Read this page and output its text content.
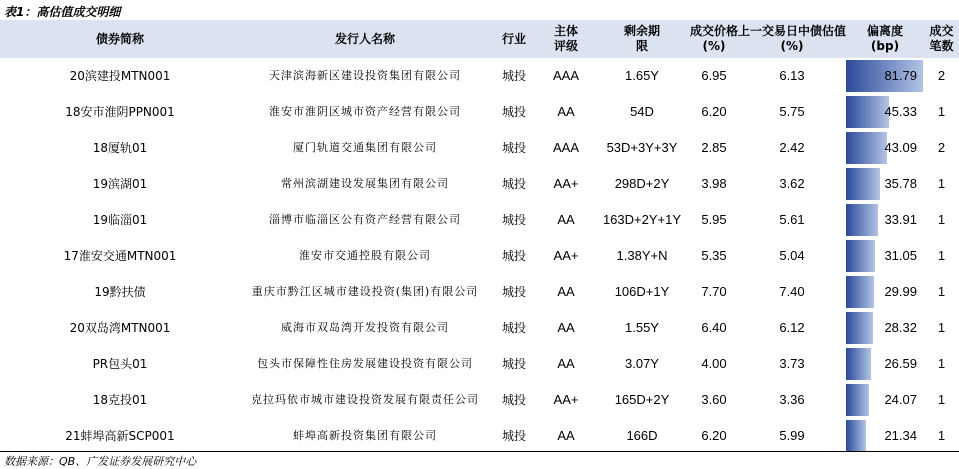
表1：高估值成交明细
债券简称	发行人名称	行业	主体评级	剩余期限	成交价格(%)	上一交易日中债估值(%)	偏离度(bp)	成交笔数
20滨建投MTN001	天津滨海新区建设投资集团有限公司	城投	AAA	1.65Y	6.95	6.13	81.79	2
18安市淮阴PPN001	淮安市淮阴区城市资产经营有限公司	城投	AA	54D	6.20	5.75	45.33	1
18厦轨01	厦门轨道交通集团有限公司	城投	AAA	53D+3Y+3Y	2.85	2.42	43.09	2
19滨湖01	常州滨湖建设发展集团有限公司	城投	AA+	298D+2Y	3.98	3.62	35.78	1
19临淄01	淄博市临淄区公有资产经营有限公司	城投	AA	163D+2Y+1Y	5.95	5.61	33.91	1
17淮安交通MTN001	淮安市交通控股有限公司	城投	AA+	1.38Y+N	5.35	5.04	31.05	1
19黔扶债	重庆市黔江区城市建设投资(集团)有限公司	城投	AA	106D+1Y	7.70	7.40	29.99	1
20双岛湾MTN001	威海市双岛湾开发投资有限公司	城投	AA	1.55Y	6.40	6.12	28.32	1
PR包头01	包头市保障性住房发展建设投资有限公司	城投	AA	3.07Y	4.00	3.73	26.59	1
18克投01	克拉玛依市城市建设投资发展有限责任公司	城投	AA+	165D+2Y	3.60	3.36	24.07	1
21蚌埠高新SCP001	蚌埠高新投资集团有限公司	城投	AA	166D	6.20	5.99	21.34	1
数据来源：QB、广发证券发展研究中心
